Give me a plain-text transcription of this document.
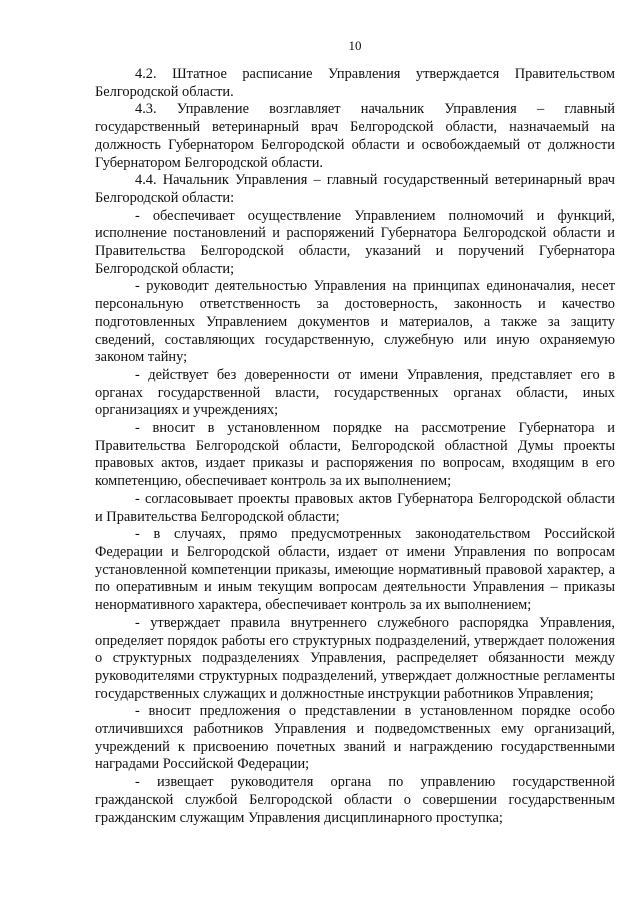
10

4.2. Штатное расписание Управления утверждается Правительством Белгородской области.

4.3. Управление возглавляет начальник Управления – главный государственный ветеринарный врач Белгородской области, назначаемый на должность Губернатором Белгородской области и освобождаемый от должности Губернатором Белгородской области.

4.4. Начальник Управления – главный государственный ветеринарный врач Белгородской области:

- обеспечивает осуществление Управлением полномочий и функций, исполнение постановлений и распоряжений Губернатора Белгородской области и Правительства Белгородской области, указаний и поручений Губернатора Белгородской области;

- руководит деятельностью Управления на принципах единоначалия, несет персональную ответственность за достоверность, законность и качество подготовленных Управлением документов и материалов, а также за защиту сведений, составляющих государственную, служебную или иную охраняемую законом тайну;

- действует без доверенности от имени Управления, представляет его в органах государственной власти, государственных органах области, иных организациях и учреждениях;

- вносит в установленном порядке на рассмотрение Губернатора и Правительства Белгородской области, Белгородской областной Думы проекты правовых актов, издает приказы и распоряжения по вопросам, входящим в его компетенцию, обеспечивает контроль за их выполнением;

- согласовывает проекты правовых актов Губернатора Белгородской области и Правительства Белгородской области;

- в случаях, прямо предусмотренных законодательством Российской Федерации и Белгородской области, издает от имени Управления по вопросам установленной компетенции приказы, имеющие нормативный правовой характер, а по оперативным и иным текущим вопросам деятельности Управления – приказы ненормативного характера, обеспечивает контроль за их выполнением;

- утверждает правила внутреннего служебного распорядка Управления, определяет порядок работы его структурных подразделений, утверждает положения о структурных подразделениях Управления, распределяет обязанности между руководителями структурных подразделений, утверждает должностные регламенты государственных служащих и должностные инструкции работников Управления;

- вносит предложения о представлении в установленном порядке особо отличившихся работников Управления и подведомственных ему организаций, учреждений к присвоению почетных званий и награждению государственными наградами Российской Федерации;

- извещает руководителя органа по управлению государственной гражданской службой Белгородской области о совершении государственным гражданским служащим Управления дисциплинарного проступка;
